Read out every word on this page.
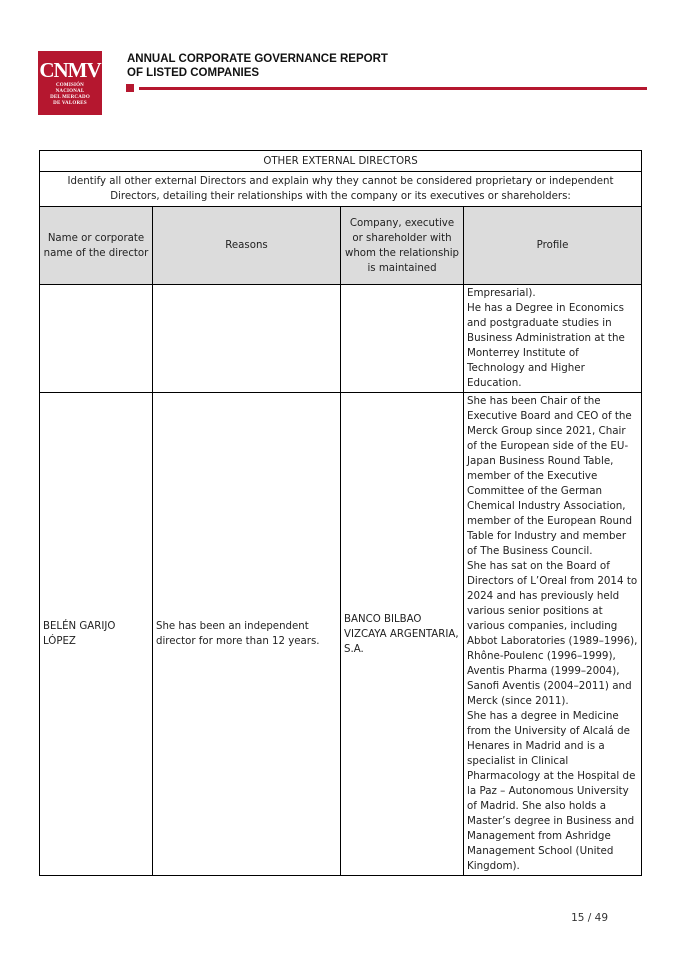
CNMV
COMISIÓN
NACIONAL
DEL MERCADO
DE VALORES
ANNUAL CORPORATE GOVERNANCE REPORT
OF LISTED COMPANIES
OTHER EXTERNAL DIRECTORS			
Identify all other external Directors and explain why they cannot be considered proprietary or independent Directors, detailing their relationships with the company or its executives or shareholders:			
Name or corporate name of the director	Reasons	Company, executive or shareholder with whom the relationship is maintained	Profile

			Empresarial).

He has a Degree in Economics and postgraduate studies in Business Administration at the Monterrey Institute of Technology and Higher Education.

BELÉN GARIJO LÓPEZ	She has been an independent director for more than 12 years.	BANCO BILBAO VIZCAYA ARGENTARIA, S.A.	She has been Chair of the Executive Board and CEO of the Merck Group since 2021, Chair of the European side of the EU-Japan Business Round Table, member of the Executive Committee of the German Chemical Industry Association, member of the European Round Table for Industry and member of The Business Council.

She has sat on the Board of Directors of L’Oreal from 2014 to 2024 and has previously held various senior positions at various companies, including Abbot Laboratories (1989–1996), Rhône-Poulenc (1996–1999), Aventis Pharma (1999–2004), Sanofi Aventis (2004–2011) and Merck (since 2011).

She has a degree in Medicine from the University of Alcalá de Henares in Madrid and is a specialist in Clinical Pharmacology at the Hospital de la Paz – Autonomous University of Madrid. She also holds a Master’s degree in Business and Management from Ashridge Management School (United Kingdom).

15 / 49
